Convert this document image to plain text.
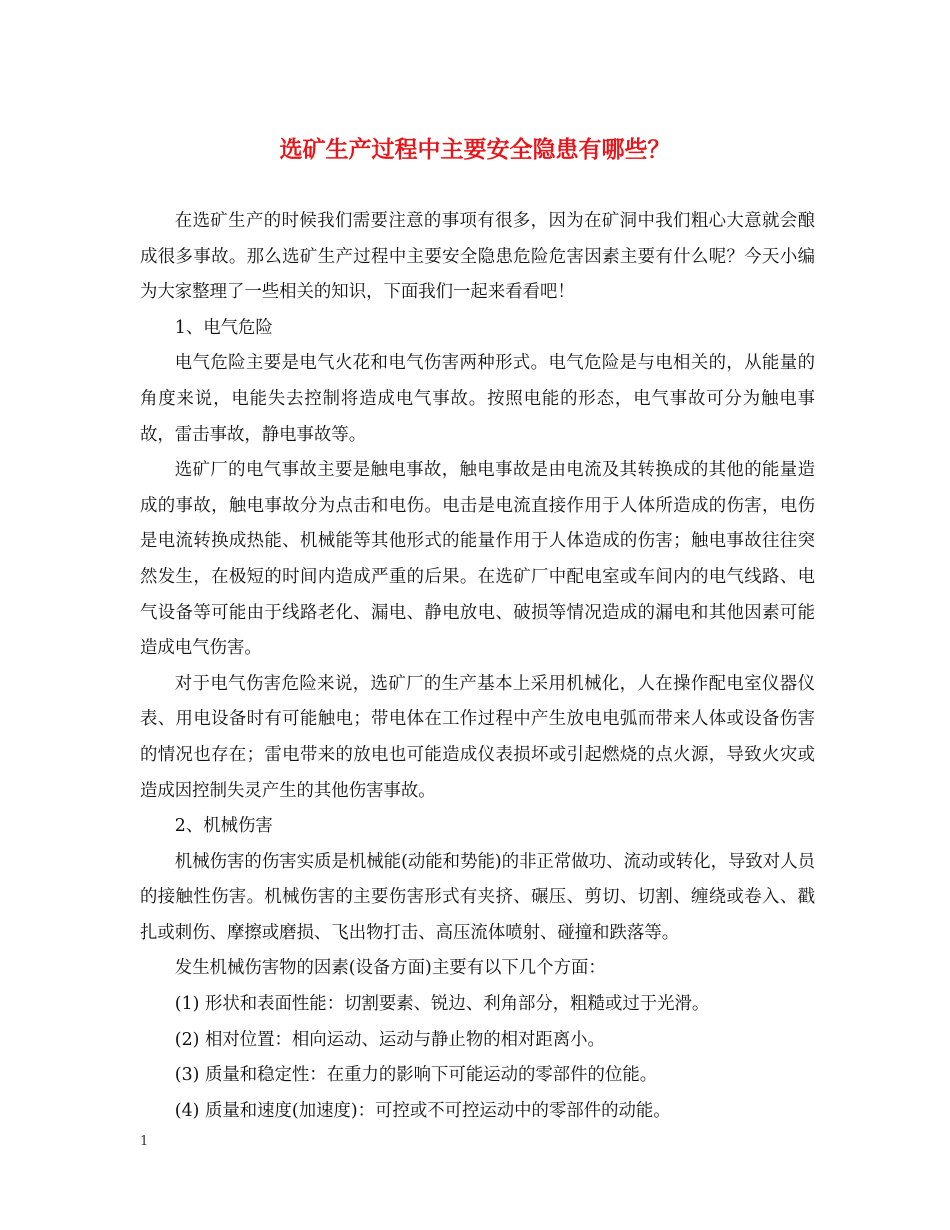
选矿生产过程中主要安全隐患有哪些？

在选矿生产的时候我们需要注意的事项有很多，因为在矿洞中我们粗心大意就会酿成很多事故。那么选矿生产过程中主要安全隐患危险危害因素主要有什么呢？今天小编为大家整理了一些相关的知识，下面我们一起来看看吧！

1、电气危险

电气危险主要是电气火花和电气伤害两种形式。电气危险是与电相关的，从能量的角度来说，电能失去控制将造成电气事故。按照电能的形态，电气事故可分为触电事故，雷击事故，静电事故等。

选矿厂的电气事故主要是触电事故，触电事故是由电流及其转换成的其他的能量造成的事故，触电事故分为点击和电伤。电击是电流直接作用于人体所造成的伤害，电伤是电流转换成热能、机械能等其他形式的能量作用于人体造成的伤害；触电事故往往突然发生，在极短的时间内造成严重的后果。在选矿厂中配电室或车间内的电气线路、电气设备等可能由于线路老化、漏电、静电放电、破损等情况造成的漏电和其他因素可能造成电气伤害。

对于电气伤害危险来说，选矿厂的生产基本上采用机械化，人在操作配电室仪器仪表、用电设备时有可能触电；带电体在工作过程中产生放电电弧而带来人体或设备伤害的情况也存在；雷电带来的放电也可能造成仪表损坏或引起燃烧的点火源，导致火灾或造成因控制失灵产生的其他伤害事故。

2、机械伤害

机械伤害的伤害实质是机械能(动能和势能)的非正常做功、流动或转化，导致对人员的接触性伤害。机械伤害的主要伤害形式有夹挤、碾压、剪切、切割、缠绕或卷入、戳扎或刺伤、摩擦或磨损、飞出物打击、高压流体喷射、碰撞和跌落等。

发生机械伤害物的因素(设备方面)主要有以下几个方面：

(1) 形状和表面性能：切割要素、锐边、利角部分，粗糙或过于光滑。

(2) 相对位置：相向运动、运动与静止物的相对距离小。

(3) 质量和稳定性：在重力的影响下可能运动的零部件的位能。

(4) 质量和速度(加速度)：可控或不可控运动中的零部件的动能。

1
